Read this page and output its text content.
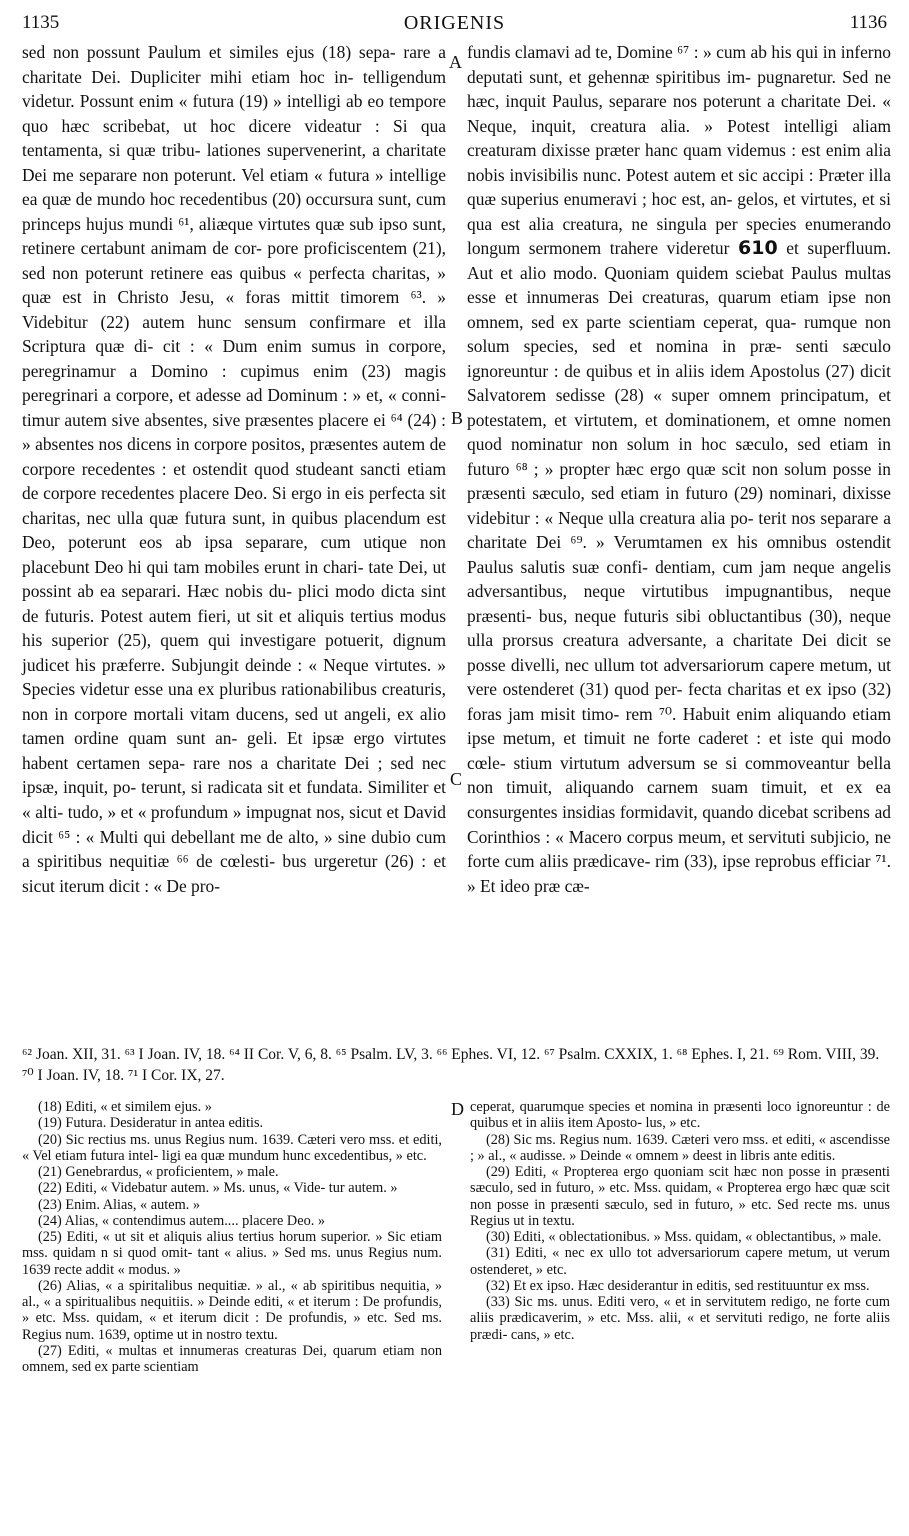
1135	ORIGENIS	1136

sed non possunt Paulum et similes ejus (18) sepa- rare a charitate Dei. Dupliciter mihi etiam hoc in- telligendum videtur. Possunt enim « futura (19) » intelligi ab eo tempore quo hæc scribebat, ut hoc dicere videatur : Si qua tentamenta, si quæ tribu- lationes supervenerint, a charitate Dei me separare non poterunt. Vel etiam « futura » intellige ea quæ de mundo hoc recedentibus (20) occursura sunt, cum princeps hujus mundi ⁶¹, aliæque virtutes quæ sub ipso sunt, retinere certabunt animam de cor- pore proficiscentem (21), sed non poterunt retinere eas quibus « perfecta charitas, » quæ est in Christo Jesu, « foras mittit timorem ⁶³. » Videbitur (22) autem hunc sensum confirmare et illa Scriptura quæ di- cit : « Dum enim sumus in corpore, peregrinamur a Domino : cupimus enim (23) magis peregrinari a corpore, et adesse ad Dominum : » et, « conni- timur autem sive absentes, sive præsentes placere ei ⁶⁴ (24) : » absentes nos dicens in corpore positos, præsentes autem de corpore recedentes : et ostendit quod studeant sancti etiam de corpore recedentes placere Deo. Si ergo in eis perfecta sit charitas, nec ulla quæ futura sunt, in quibus placendum est Deo, poterunt eos ab ipsa separare, cum utique non placebunt Deo hi qui tam mobiles erunt in chari- tate Dei, ut possint ab ea separari. Hæc nobis du- plici modo dicta sint de futuris. Potest autem fieri, ut sit et aliquis tertius modus his superior (25), quem qui investigare potuerit, dignum judicet his præferre. Subjungit deinde : « Neque virtutes. » Species videtur esse una ex pluribus rationabilibus creaturis, non in corpore mortali vitam ducens, sed ut angeli, ex alio tamen ordine quam sunt an- geli. Et ipsæ ergo virtutes habent certamen sepa- rare nos a charitate Dei ; sed nec ipsæ, inquit, po- terunt, si radicata sit et fundata. Similiter et « alti- tudo, » et « profundum » impugnat nos, sicut et David dicit ⁶⁵ : « Multi qui debellant me de alto, » sine dubio cum a spiritibus nequitiæ ⁶⁶ de cœlesti- bus urgeretur (26) : et sicut iterum dicit : « De pro-

fundis clamavi ad te, Domine ⁶⁷ : » cum ab his qui in inferno deputati sunt, et gehennæ spiritibus im- pugnaretur. Sed ne hæc, inquit Paulus, separare nos poterunt a charitate Dei. « Neque, inquit, creatura alia. » Potest intelligi aliam creaturam dixisse præter hanc quam videmus : est enim alia nobis invisibilis nunc. Potest autem et sic accipi : Præter illa quæ superius enumeravi ; hoc est, an- gelos, et virtutes, et si qua est alia creatura, ne singula per species enumerando longum sermonem trahere videretur 610 et superfluum. Aut et alio modo. Quoniam quidem sciebat Paulus multas esse et innumeras Dei creaturas, quarum etiam ipse non omnem, sed ex parte scientiam ceperat, qua- rumque non solum species, sed et nomina in præ- senti sæculo ignoreuntur : de quibus et in aliis idem Apostolus (27) dicit Salvatorem sedisse (28) « super omnem principatum, et potestatem, et virtutem, et dominationem, et omne nomen quod nominatur non solum in hoc sæculo, sed etiam in futuro ⁶⁸ ; » propter hæc ergo quæ scit non solum posse in præsenti sæculo, sed etiam in futuro (29) nominari, dixisse videbitur : « Neque ulla creatura alia po- terit nos separare a charitate Dei ⁶⁹. » Verumtamen ex his omnibus ostendit Paulus salutis suæ confi- dentiam, cum jam neque angelis adversantibus, neque virtutibus impugnantibus, neque præsenti- bus, neque futuris sibi obluctantibus (30), neque ulla prorsus creatura adversante, a charitate Dei dicit se posse divelli, nec ullum tot adversariorum capere metum, ut vere ostenderet (31) quod per- fecta charitas et ex ipso (32) foras jam misit timo- rem ⁷⁰. Habuit enim aliquando etiam ipse metum, et timuit ne forte caderet : et iste qui modo cœle- stium virtutum adversum se si commoveantur bella non timuit, aliquando carnem suam timuit, et ex ea consurgentes insidias formidavit, quando dicebat scribens ad Corinthios : « Macero corpus meum, et servituti subjicio, ne forte cum aliis prædicave- rim (33), ipse reprobus efficiar ⁷¹. » Et ideo præ cæ-

A
B
C
D
⁶² Joan. XII, 31. ⁶³ I Joan. IV, 18. ⁶⁴ II Cor. V, 6, 8. ⁶⁵ Psalm. LV, 3. ⁶⁶ Ephes. VI, 12. ⁶⁷ Psalm. CXXIX, 1. ⁶⁸ Ephes. I, 21. ⁶⁹ Rom. VIII, 39. ⁷⁰ I Joan. IV, 18. ⁷¹ I Cor. IX, 27.

(18) Editi, « et similem ejus. »

(19) Futura. Desideratur in antea editis.

(20) Sic rectius ms. unus Regius num. 1639. Cæteri vero mss. et editi, « Vel etiam futura intel- ligi ea quæ mundum hunc excedentibus, » etc.

(21) Genebrardus, « proficientem, » male.

(22) Editi, « Videbatur autem. » Ms. unus, « Vide- tur autem. »

(23) Enim. Alias, « autem. »

(24) Alias, « contendimus autem.... placere Deo. »

(25) Editi, « ut sit et aliquis alius tertius horum superior. » Sic etiam mss. quidam n si quod omit- tant « alius. » Sed ms. unus Regius num. 1639 recte addit « modus. »

(26) Alias, « a spiritalibus nequitiæ. » al., « ab spiritibus nequitia, » al., « a spiritualibus nequitiis. » Deinde editi, « et iterum : De profundis, » etc. Mss. quidam, « et iterum dicit : De profundis, » etc. Sed ms. Regius num. 1639, optime ut in nostro textu.

(27) Editi, « multas et innumeras creaturas Dei, quarum etiam non omnem, sed ex parte scientiam

ceperat, quarumque species et nomina in præsenti loco ignoreuntur : de quibus et in aliis item Aposto- lus, » etc.

(28) Sic ms. Regius num. 1639. Cæteri vero mss. et editi, « ascendisse ; » al., « audisse. » Deinde « omnem » deest in libris ante editis.

(29) Editi, « Propterea ergo quoniam scit hæc non posse in præsenti sæculo, sed in futuro, » etc. Mss. quidam, « Propterea ergo hæc quæ scit non posse in præsenti sæculo, sed in futuro, » etc. Sed recte ms. unus Regius ut in textu.

(30) Editi, « oblectationibus. » Mss. quidam, « oblectantibus, » male.

(31) Editi, « nec ex ullo tot adversariorum capere metum, ut verum ostenderet, » etc.

(32) Et ex ipso. Hæc desiderantur in editis, sed restituuntur ex mss.

(33) Sic ms. unus. Editi vero, « et in servitutem redigo, ne forte cum aliis prædicaverim, » etc. Mss. alii, « et servituti redigo, ne forte aliis prædi- cans, » etc.
